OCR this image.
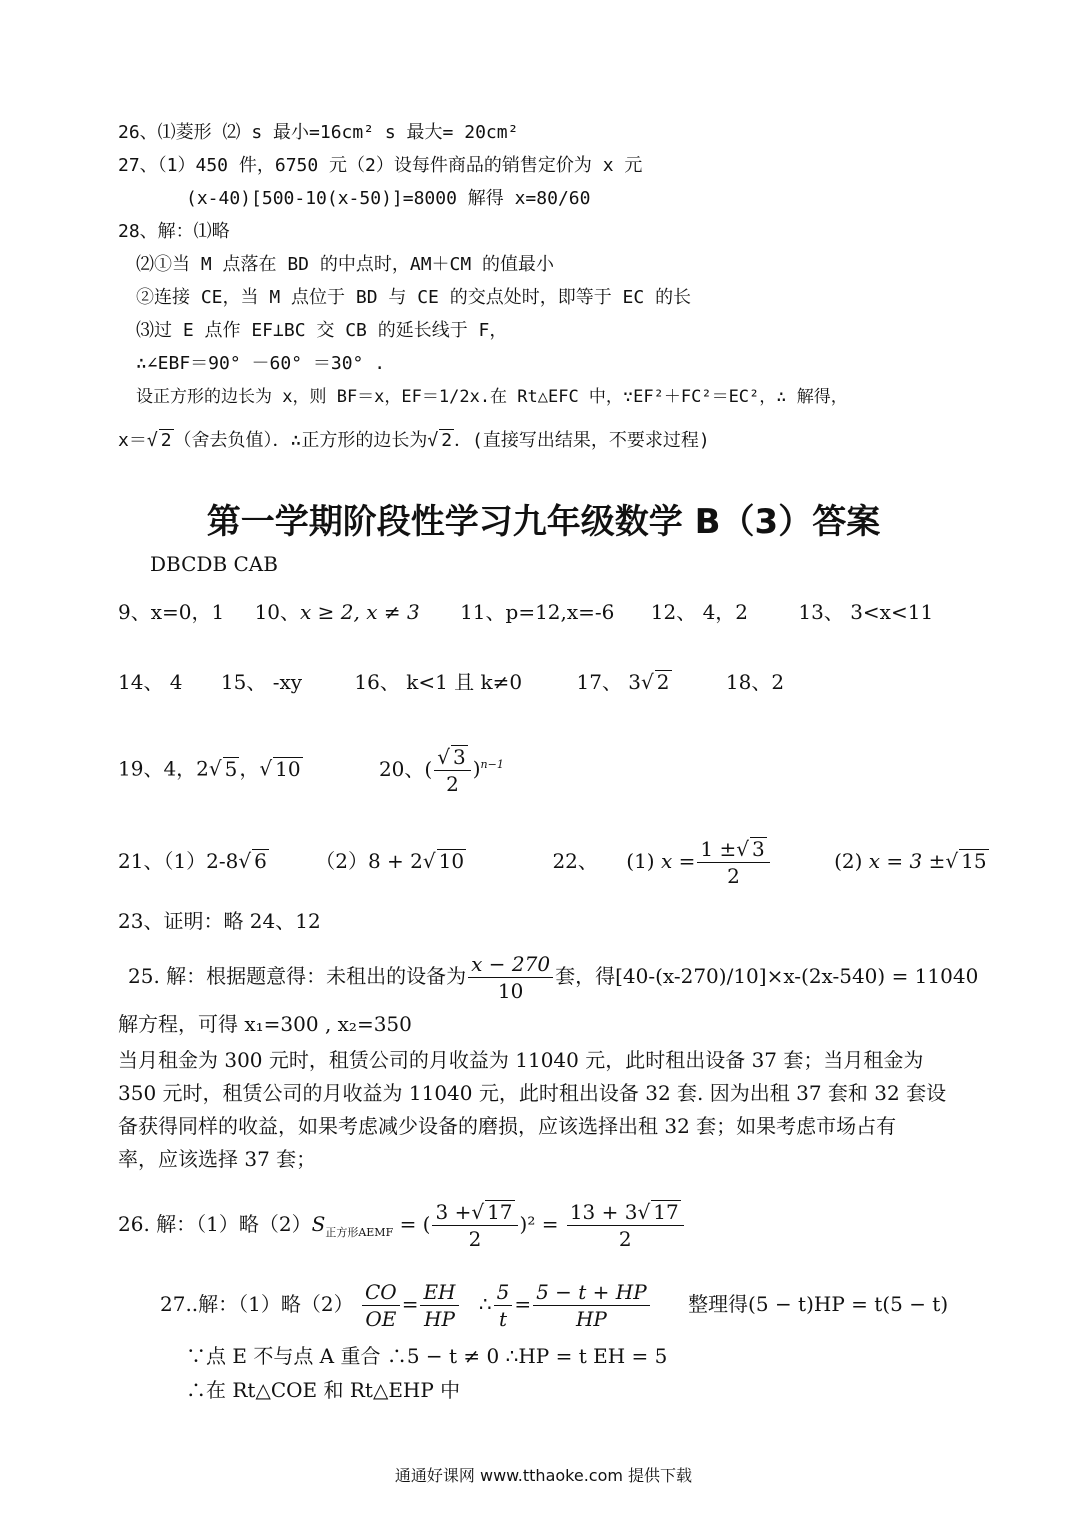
26、⑴菱形 ⑵ s 最小=16cm² s 最大= 20cm²
27、（1）450 件，6750 元（2）设每件商品的销售定价为 x 元
(x-40)[500-10(x-50)]=8000 解得 x=80/60
28、解：⑴略
⑵①当 M 点落在 BD 的中点时，AM＋CM 的值最小
②连接 CE，当 M 点位于 BD 与 CE 的交点处时，即等于 EC 的长
⑶过 E 点作 EF⊥BC 交 CB 的延长线于 F，
∴∠EBF＝90° －60° ＝30° .
设正方形的边长为 x，则 BF＝x，EF＝1/2x.在 Rt△EFC 中，∵EF²＋FC²＝EC²，∴ 解得，
x＝√ 2 （舍去负值）．∴正方形的边长为√ 2 ．(直接写出结果，不要求过程)
第一学期阶段性学习九年级数学 B（3）答案
DBCDB CAB
9、x=0，1 10、x ≥ 2, x ≠ 3 11、p=12,x=-6 12、 4，2	13、 3<x<11
14、 4 15、 -xy	16、 k<1 且 k≠0	17、 3√ 2	18、2
19、4，2√ 5 ，√ 10	20、( $\frac{√ 3}{2} )^{n-1}$
21、（1）2-8√ 6 （2）8 + 2√ 10	22、 (1) $x = \frac{1 \pm√ 3}{2}$	(2) x = 3 ±√ 15
23、证明：略 24、12
25. 解：根据题意得：未租出的设备为 $\frac{x - 270}{10}$ 套，得[40-(x-270)/10]×x-(2x-540) = 11040
解方程，可得 x₁=300 , x₂=350
当月租金为 300 元时，租赁公司的月收益为 11040 元，此时租出设备 37 套；当月租金为
350 元时，租赁公司的月收益为 11040 元，此时租出设备 32 套. 因为出租 37 套和 32 套设
备获得同样的收益，如果考虑减少设备的磨损，应该选择出租 32 套；如果考虑市场占有
率，应该选择 37 套；
26. 解：（1）略$(2)S_{正方形AEMF}$ = ( $\frac{3 +√ 17}{2} )^2 = \frac{13 + 3√ 17}{2}$
27..解：（1）略$(2) \frac{CO}{OE} = \frac{EH}{HP}$ ∴ $\frac{5}{t} = \frac{5 - t + HP}{HP}$ 整理得(5 − t)HP = t(5 − t)
∵点 E 不与点 A 重合 ∴5 − t ≠ 0 ∴HP = t EH = 5
∴在 Rt△COE 和 Rt△EHP 中
通通好课网 www.tthaoke.com 提供下载
